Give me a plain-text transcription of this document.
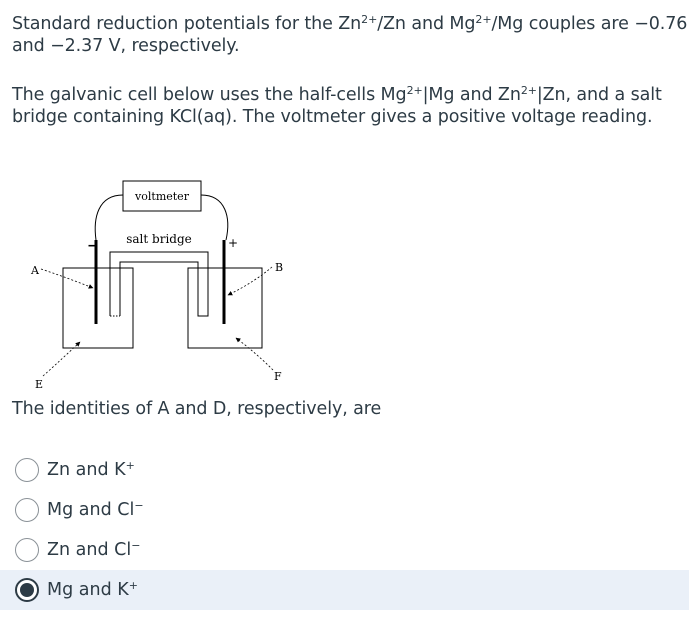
Standard reduction potentials for the $Zn^{2+}/Zn$ and $Mg^{2+}/Mg$ couples are −0.76
and −2.37 V, respectively.
The galvanic cell below uses the half-cells $Mg^{2+}|Mg$ and $Zn^{2+}|Zn$, and a salt
bridge containing KCl(aq). The voltmeter gives a positive voltage reading.
voltmeter
−	+
salt bridge
A	B
E
F
The identities of A and D, respectively, are
Zn and K+
Mg and Cl−
Zn and Cl−
Mg and K+
